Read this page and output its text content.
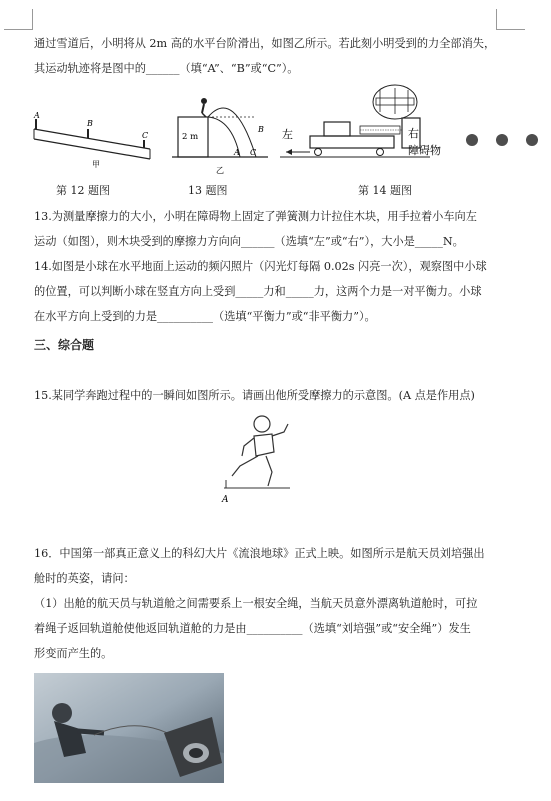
通过雪道后，小明将从 2m 高的水平台阶滑出，如图乙所示。若此刻小明受到的力全部消失，
其运动轨迹将是图中的______（填“A”、“B”或“C”）。
A
B
C
甲
2 m
A
B
C
乙
左	右
障碍物
第 12 题图	13 题图	第 14 题图
13.为测量摩擦力的大小，小明在障碍物上固定了弹簧测力计拉住木块，用手拉着小车向左
运动（如图），则木块受到的摩擦力方向向______（选填“左”或“右”），大小是_____N。
14.如图是小球在水平地面上运动的频闪照片（闪光灯每隔 0.02s 闪亮一次），观察图中小球
的位置，可以判断小球在竖直方向上受到_____力和_____力，这两个力是一对平衡力。小球
在水平方向上受到的力是__________（选填“平衡力”或“非平衡力”）。
三、综合题
15.某同学奔跑过程中的一瞬间如图所示。请画出他所受摩擦力的示意图。(A 点是作用点)
A
16．中国第一部真正意义上的科幻大片《流浪地球》正式上映。如图所示是航天员刘培强出
舱时的英姿，请问：
（1）出舱的航天员与轨道舱之间需要系上一根安全绳，当航天员意外漂离轨道舱时，可拉
着绳子返回轨道舱使他返回轨道舱的力是由__________（选填“刘培强”或“安全绳”）发生
形变而产生的。
